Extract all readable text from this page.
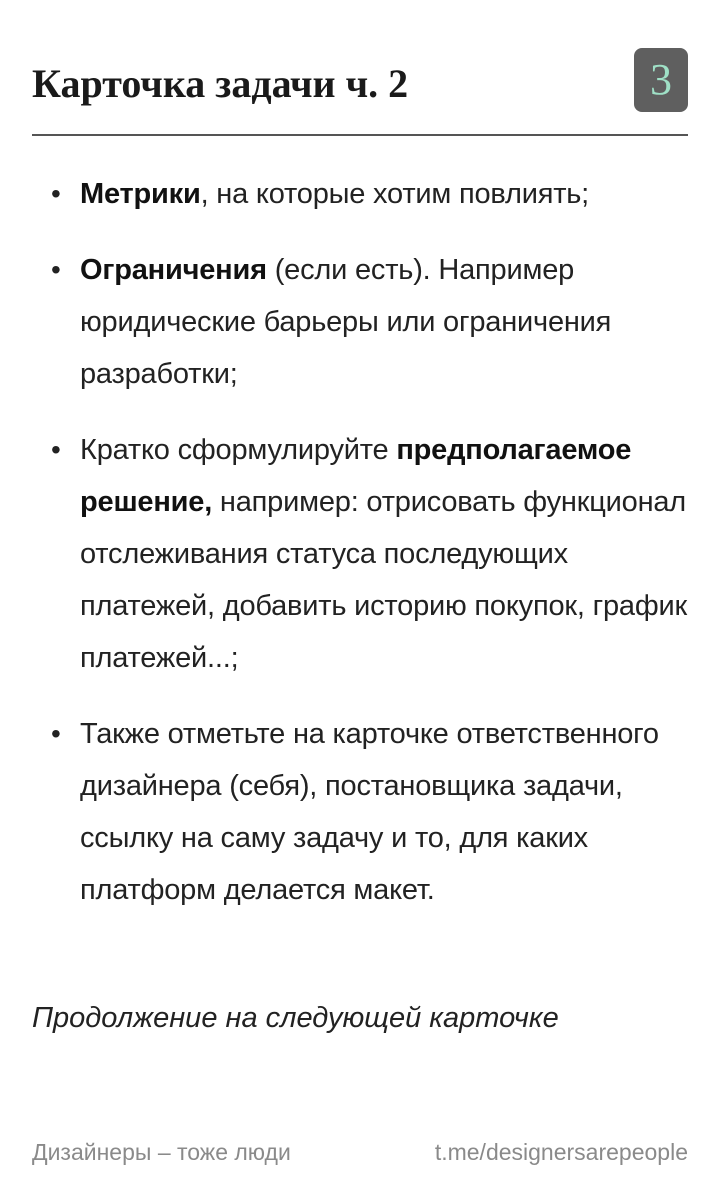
Карточка задачи ч. 2	3
• Метрики, на которые хотим повлиять;
• Ограничения (если есть). Например юридические барьеры или ограничения разработки;
• Кратко сформулируйте предполагаемое решение, например: отрисовать функционал отслеживания статуса последующих платежей, добавить историю покупок, график платежей...;
• Также отметьте на карточке ответственного дизайнера (себя), постановщика задачи, ссылку на саму задачу и то, для каких платформ делается макет.

Продолжение на следующей карточке

Дизайнеры – тоже люди	t.me/designersarepeople
